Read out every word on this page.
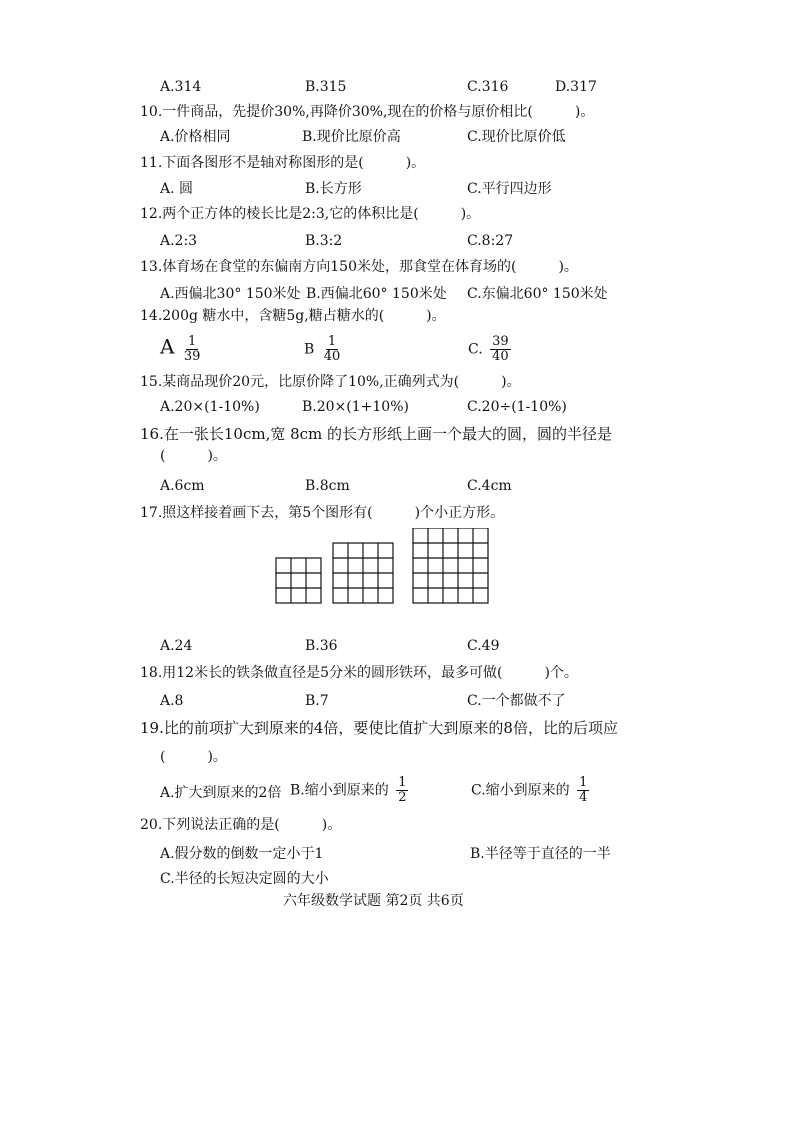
A.314	B.315	C.316	D.317
10.一件商品，先提价30%,再降价30%,现在的价格与原价相比(　　　)。
A.价格相同	B.现价比原价高	C.现价比原价低
11.下面各图形不是轴对称图形的是(　　　)。
A. 圆	B.长方形	C.平行四边形
12.两个正方体的棱长比是2:3,它的体积比是(　　　)。
A.2:3	B.3:2	C.8:27
13.体育场在食堂的东偏南方向150米处，那食堂在体育场的(　　　)。
A.西偏北30° 150米处 B.西偏北60° 150米处 C.东偏北60° 150米处
14.200g 糖水中，含糖5g,糖占糖水的(　　　)。
A $\frac{1}{39}$	B $\frac{1}{40}$	C. $\frac{39}{40}$
15.某商品现价20元，比原价降了10%,正确列式为(　　　)。
A.20×(1-10%)	B.20×(1+10%)	C.20÷(1-10%)
16.在一张长10cm,宽 8cm 的长方形纸上画一个最大的圆，圆的半径是
(　　　)。
A.6cm	B.8cm	C.4cm
17.照这样接着画下去，第5个图形有(　　　)个小正方形。
A.24	B.36	C.49
18.用12米长的铁条做直径是5分米的圆形铁环，最多可做(　　　)个。
A.8	B.7	C.一个都做不了
19.比的前项扩大到原来的4倍，要使比值扩大到原来的8倍，比的后项应
(　　　)。
A.扩大到原来的2倍 B.缩小到原来的 $\frac{1}{2}$	C.缩小到原来的 $\frac{1}{4}$
20.下列说法正确的是(　　　)。
A.假分数的倒数一定小于1	B.半径等于直径的一半
C.半径的长短决定圆的大小
六年级数学试题 第2页 共6页
